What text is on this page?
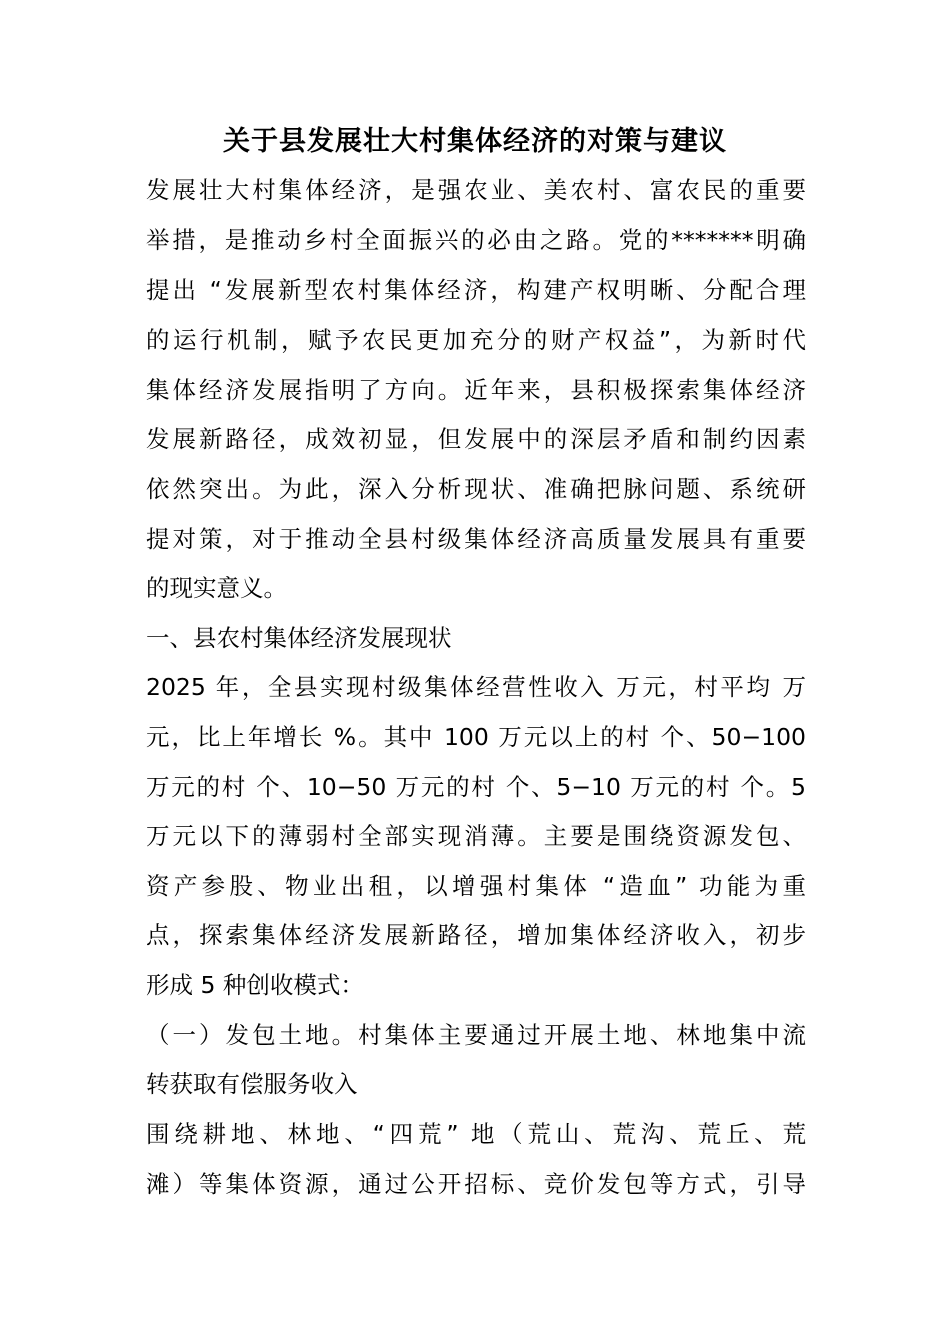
关于县发展壮大村集体经济的对策与建议
发展壮大村集体经济，是强农业、美农村、富农民的重要
举措，是推动乡村全面振兴的必由之路。党的*******明确
提出 “发展新型农村集体经济，构建产权明晰、分配合理
的运行机制，赋予农民更加充分的财产权益”，为新时代
集体经济发展指明了方向。近年来，县积极探索集体经济
发展新路径，成效初显，但发展中的深层矛盾和制约因素
依然突出。为此，深入分析现状、准确把脉问题、系统研
提对策，对于推动全县村级集体经济高质量发展具有重要
的现实意义。
一、县农村集体经济发展现状
2025 年，全县实现村级集体经营性收入 万元，村平均 万
元，比上年增长 %。其中 100 万元以上的村 个、50−100
万元的村 个、10−50 万元的村 个、5−10 万元的村 个。5
万元以下的薄弱村全部实现消薄。主要是围绕资源发包、
资产参股、物业出租，以增强村集体 “造血” 功能为重
点，探索集体经济发展新路径，增加集体经济收入，初步
形成 5 种创收模式：
（一）发包土地。村集体主要通过开展土地、林地集中流
转获取有偿服务收入
围绕耕地、林地、“四荒” 地（荒山、荒沟、荒丘、荒
滩）等集体资源，通过公开招标、竞价发包等方式，引导
